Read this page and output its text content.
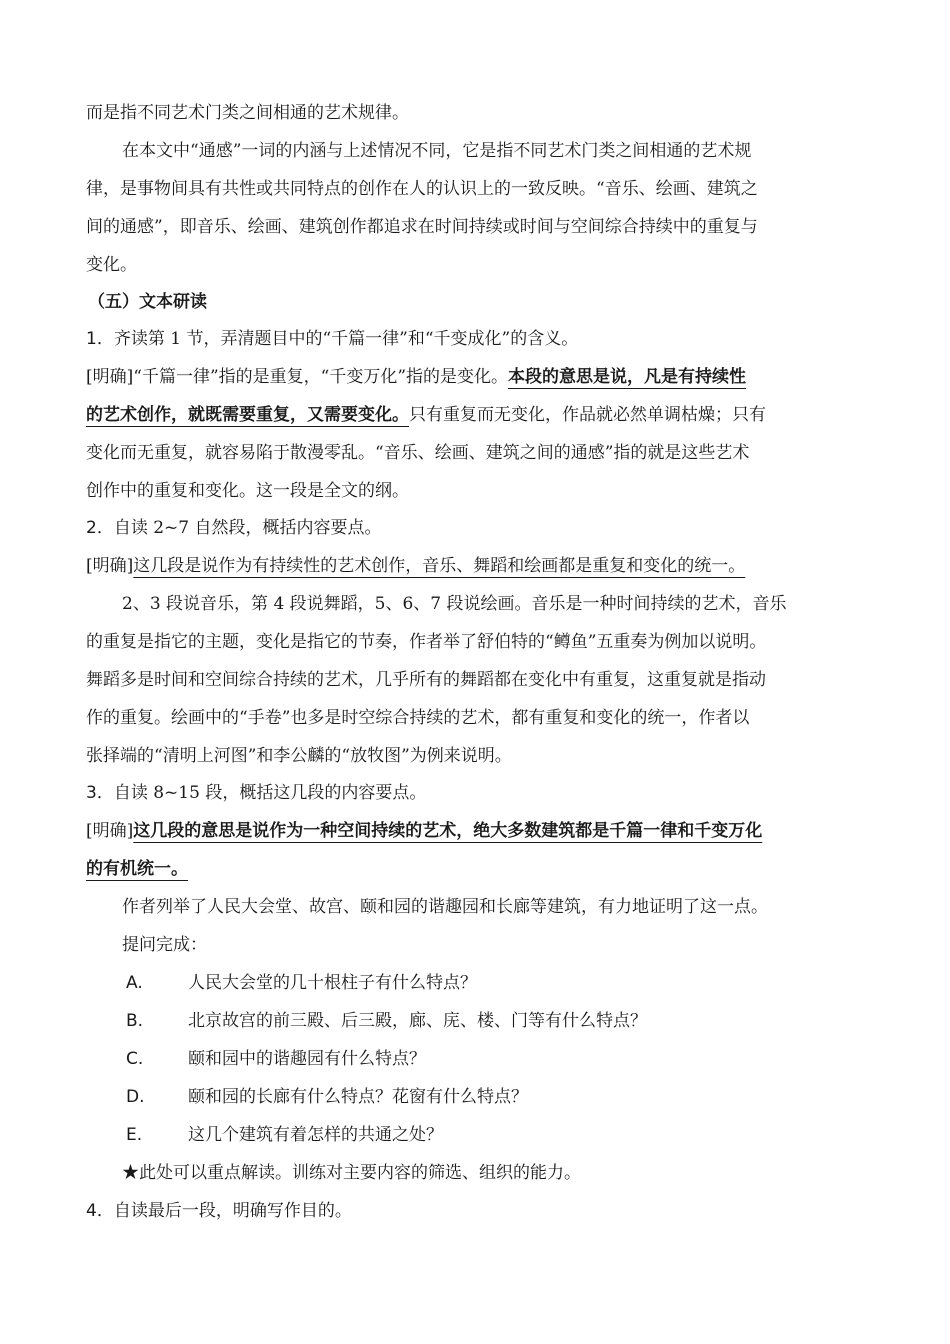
而是指不同艺术门类之间相通的艺术规律。
在本文中“通感”一词的内涵与上述情况不同，它是指不同艺术门类之间相通的艺术规
律，是事物间具有共性或共同特点的创作在人的认识上的一致反映。“音乐、绘画、建筑之
间的通感”，即音乐、绘画、建筑创作都追求在时间持续或时间与空间综合持续中的重复与
变化。
（五）文本研读
1．齐读第 1 节，弄清题目中的“千篇一律”和“千变成化”的含义。
[明确]“千篇一律”指的是重复，“千变万化”指的是变化。本段的意思是说，凡是有持续性
的艺术创作，就既需要重复，又需要变化。只有重复而无变化，作品就必然单调枯燥；只有
变化而无重复，就容易陷于散漫零乱。“音乐、绘画、建筑之间的通感”指的就是这些艺术
创作中的重复和变化。这一段是全文的纲。
2．自读 2~7 自然段，概括内容要点。
[明确]这几段是说作为有持续性的艺术创作，音乐、舞蹈和绘画都是重复和变化的统一。
2、3 段说音乐，第 4 段说舞蹈，5、6、7 段说绘画。音乐是一种时间持续的艺术，音乐
的重复是指它的主题，变化是指它的节奏，作者举了舒伯特的“鳟鱼”五重奏为例加以说明。
舞蹈多是时间和空间综合持续的艺术，几乎所有的舞蹈都在变化中有重复，这重复就是指动
作的重复。绘画中的“手卷”也多是时空综合持续的艺术，都有重复和变化的统一，作者以
张择端的“清明上河图”和李公麟的“放牧图”为例来说明。
3．自读 8~15 段，概括这几段的内容要点。
[明确]这几段的意思是说作为一种空间持续的艺术，绝大多数建筑都是千篇一律和千变万化
的有机统一。
作者列举了人民大会堂、故宫、颐和园的谐趣园和长廊等建筑，有力地证明了这一点。
提问完成：
A.	人民大会堂的几十根柱子有什么特点？
B.	北京故宫的前三殿、后三殿，廊、庑、楼、门等有什么特点？
C.	颐和园中的谐趣园有什么特点？
D.	颐和园的长廊有什么特点？花窗有什么特点？
E.	这几个建筑有着怎样的共通之处？
★此处可以重点解读。训练对主要内容的筛选、组织的能力。
4．自读最后一段，明确写作目的。
